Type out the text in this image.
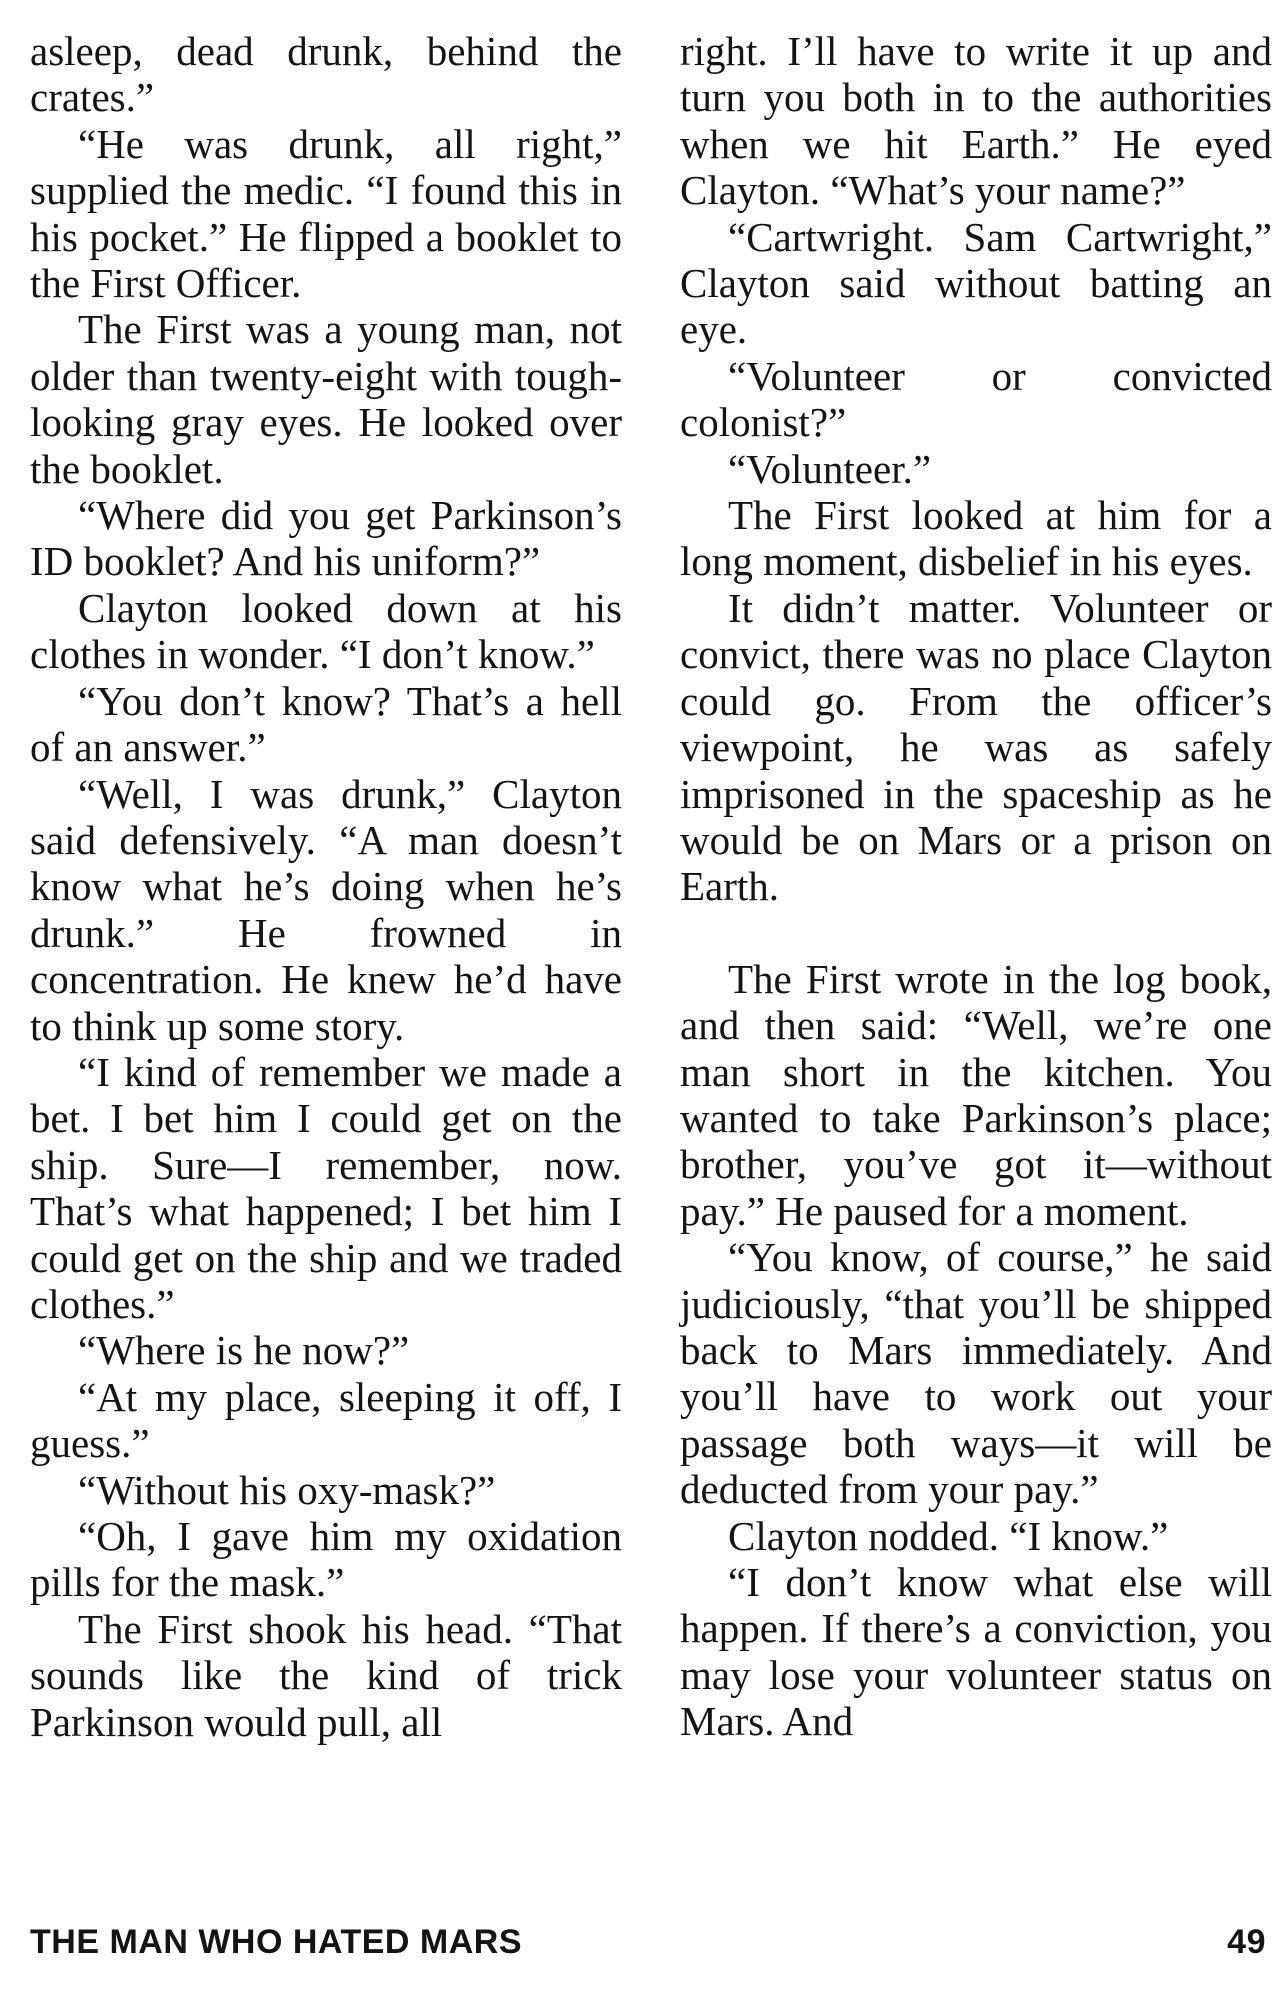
asleep, dead drunk, behind the crates.”

“He was drunk, all right,” supplied the medic. “I found this in his pocket.” He flipped a booklet to the First Officer.

The First was a young man, not older than twenty-eight with tough-looking gray eyes. He looked over the booklet.

“Where did you get Parkinson’s ID booklet? And his uniform?”

Clayton looked down at his clothes in wonder. “I don’t know.”

“You don’t know? That’s a hell of an answer.”

“Well, I was drunk,” Clayton said defensively. “A man doesn’t know what he’s doing when he’s drunk.” He frowned in concentration. He knew he’d have to think up some story.

“I kind of remember we made a bet. I bet him I could get on the ship. Sure—I remember, now. That’s what happened; I bet him I could get on the ship and we traded clothes.”

“Where is he now?”

“At my place, sleeping it off, I guess.”

“Without his oxy-mask?”

“Oh, I gave him my oxidation pills for the mask.”

The First shook his head. “That sounds like the kind of trick Parkinson would pull, all

right. I’ll have to write it up and turn you both in to the authorities when we hit Earth.” He eyed Clayton. “What’s your name?”

“Cartwright. Sam Cartwright,” Clayton said without batting an eye.

“Volunteer or convicted colonist?”

“Volunteer.”

The First looked at him for a long moment, disbelief in his eyes.

It didn’t matter. Volunteer or convict, there was no place Clayton could go. From the officer’s viewpoint, he was as safely imprisoned in the spaceship as he would be on Mars or a prison on Earth.

The First wrote in the log book, and then said: “Well, we’re one man short in the kitchen. You wanted to take Parkinson’s place; brother, you’ve got it—without pay.” He paused for a moment.

“You know, of course,” he said judiciously, “that you’ll be shipped back to Mars immediately. And you’ll have to work out your passage both ways—it will be deducted from your pay.”

Clayton nodded. “I know.”

“I don’t know what else will happen. If there’s a conviction, you may lose your volunteer status on Mars. And

THE MAN WHO HATED MARS	49
